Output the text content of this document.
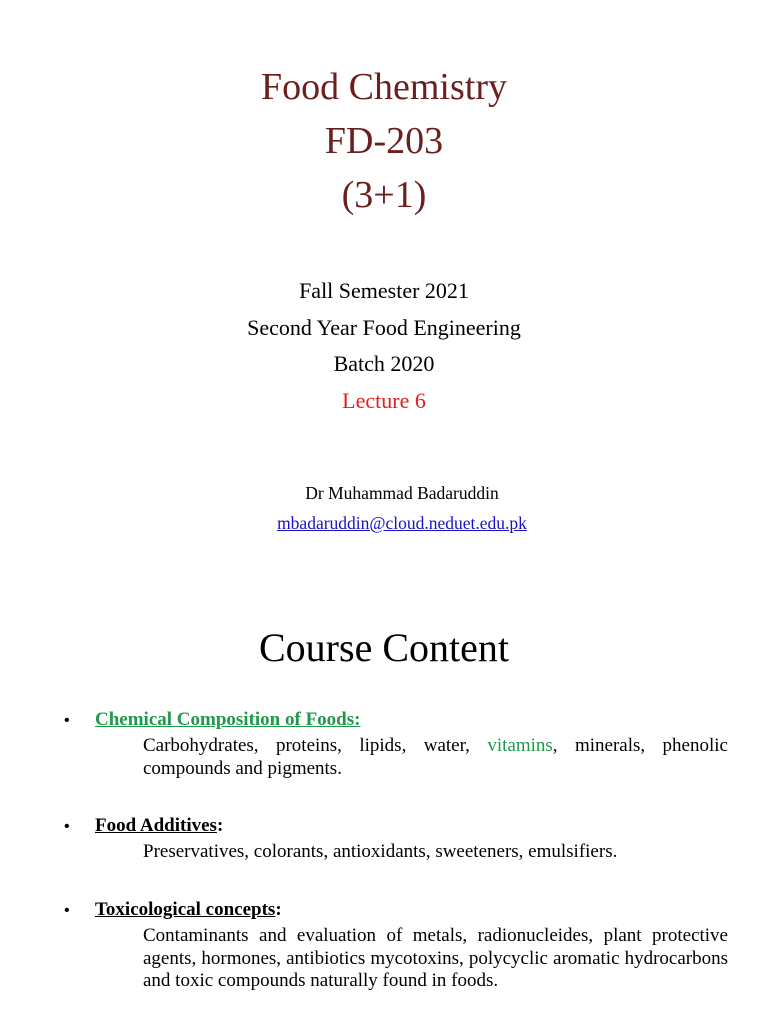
Food Chemistry
FD-203
(3+1)
Fall Semester 2021
Second Year Food Engineering
Batch 2020
Lecture 6
Dr Muhammad Badaruddin
mbadaruddin@cloud.neduet.edu.pk
Course Content
•	Chemical Composition of Foods:
Carbohydrates, proteins, lipids, water, vitamins, minerals, phenolic compounds and pigments.
•	Food Additives:
Preservatives, colorants, antioxidants, sweeteners, emulsifiers.
•	Toxicological concepts:
Contaminants and evaluation of metals, radionucleides, plant protective agents, hormones, antibiotics mycotoxins, polycyclic aromatic hydrocarbons and toxic compounds naturally found in foods.
